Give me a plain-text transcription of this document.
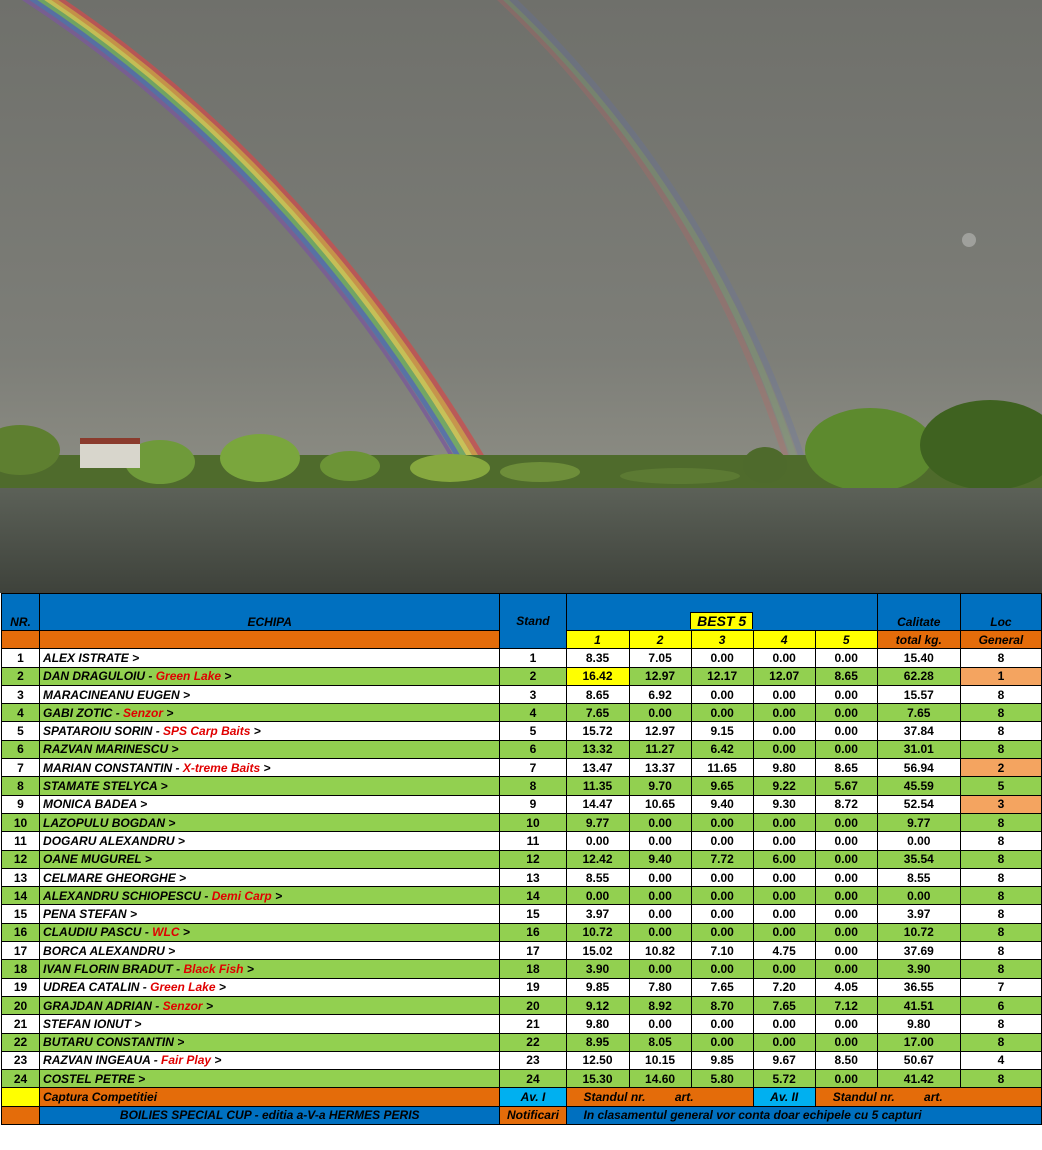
NR.	ECHIPA	Stand	BEST 5					Calitate	Loc
			1	2	3	4	5	total kg.	General
1	ALEX ISTRATE >	1	8.35	7.05	0.00	0.00	0.00	15.40	8
2	DAN DRAGULOIU - Green Lake >	2	16.42	12.97	12.17	12.07	8.65	62.28	1
3	MARACINEANU EUGEN >	3	8.65	6.92	0.00	0.00	0.00	15.57	8
4	GABI ZOTIC - Senzor >	4	7.65	0.00	0.00	0.00	0.00	7.65	8
5	SPATAROIU SORIN - SPS Carp Baits >	5	15.72	12.97	9.15	0.00	0.00	37.84	8
6	RAZVAN MARINESCU >	6	13.32	11.27	6.42	0.00	0.00	31.01	8
7	MARIAN CONSTANTIN - X-treme Baits >	7	13.47	13.37	11.65	9.80	8.65	56.94	2
8	STAMATE STELYCA >	8	11.35	9.70	9.65	9.22	5.67	45.59	5
9	MONICA BADEA >	9	14.47	10.65	9.40	9.30	8.72	52.54	3
10	LAZOPULU BOGDAN >	10	9.77	0.00	0.00	0.00	0.00	9.77	8
11	DOGARU ALEXANDRU >	11	0.00	0.00	0.00	0.00	0.00	0.00	8
12	OANE MUGUREL >	12	12.42	9.40	7.72	6.00	0.00	35.54	8
13	CELMARE GHEORGHE >	13	8.55	0.00	0.00	0.00	0.00	8.55	8
14	ALEXANDRU SCHIOPESCU - Demi Carp >	14	0.00	0.00	0.00	0.00	0.00	0.00	8
15	PENA STEFAN >	15	3.97	0.00	0.00	0.00	0.00	3.97	8
16	CLAUDIU PASCU - WLC >	16	10.72	0.00	0.00	0.00	0.00	10.72	8
17	BORCA ALEXANDRU >	17	15.02	10.82	7.10	4.75	0.00	37.69	8
18	IVAN FLORIN BRADUT - Black Fish >	18	3.90	0.00	0.00	0.00	0.00	3.90	8
19	UDREA CATALIN - Green Lake >	19	9.85	7.80	7.65	7.20	4.05	36.55	7
20	GRAJDAN ADRIAN - Senzor >	20	9.12	8.92	8.70	7.65	7.12	41.51	6
21	STEFAN IONUT >	21	9.80	0.00	0.00	0.00	0.00	9.80	8
22	BUTARU CONSTANTIN >	22	8.95	8.05	0.00	0.00	0.00	17.00	8
23	RAZVAN INGEAUA - Fair Play >	23	12.50	10.15	9.85	9.67	8.50	50.67	4
24	COSTEL PETRE >	24	15.30	14.60	5.80	5.72	0.00	41.42	8
	Captura Competitiei	Av. I	Standul nr. art.			Av. II	Standul nr. art.		
	BOILIES SPECIAL CUP - editia a-V-a HERMES PERIS	Notificari	In clasamentul general vor conta doar echipele cu 5 capturi						
